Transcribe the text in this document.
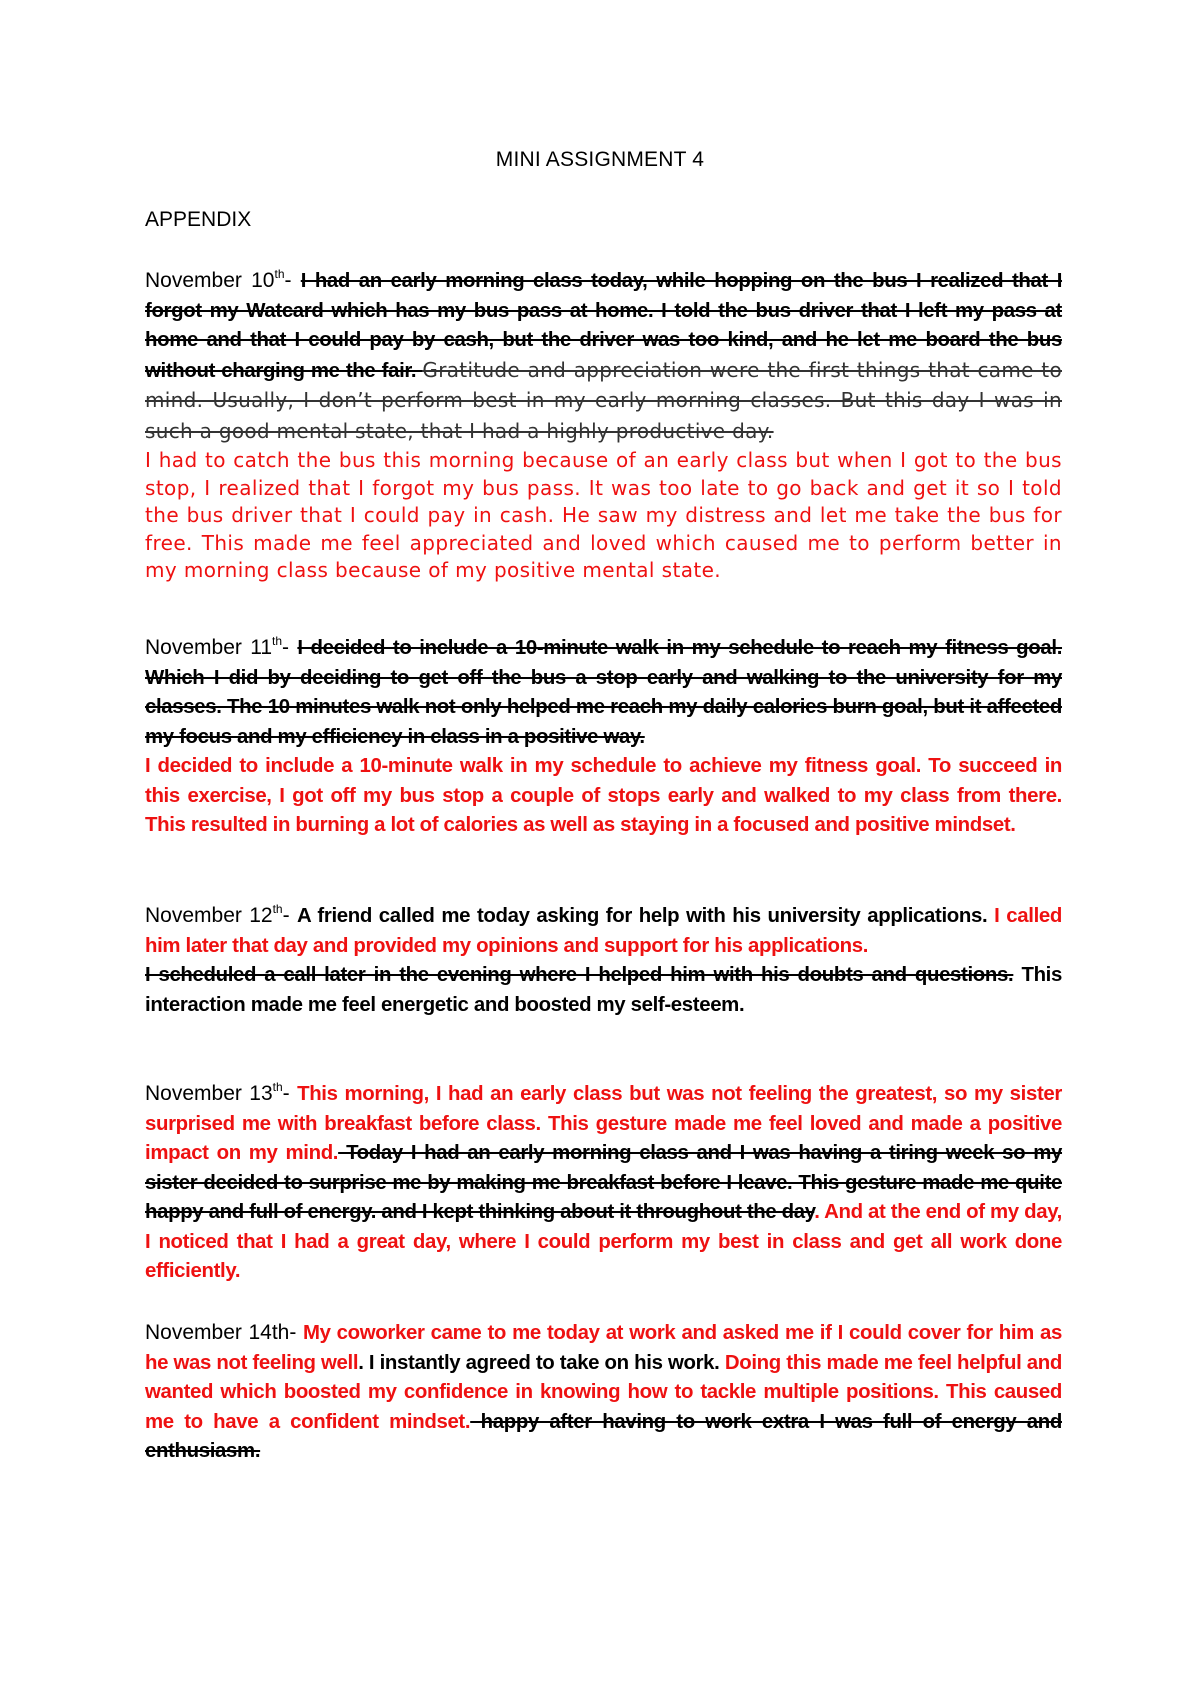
MINI ASSIGNMENT 4
APPENDIX

November 10th- I had an early morning class today, while hopping on the bus I realized that I forgot my Watcard which has my bus pass at home. I told the bus driver that I left my pass at home and that I could pay by cash, but the driver was too kind, and he let me board the bus without charging me the fair. Gratitude and appreciation were the first things that came to mind. Usually, I don’t perform best in my early morning classes. But this day I was in such a good mental state, that I had a highly productive day.

I had to catch the bus this morning because of an early class but when I got to the bus stop, I realized that I forgot my bus pass. It was too late to go back and get it so I told the bus driver that I could pay in cash. He saw my distress and let me take the bus for free. This made me feel appreciated and loved which caused me to perform better in my morning class because of my positive mental state.

November 11th- I decided to include a 10-minute walk in my schedule to reach my fitness goal. Which I did by deciding to get off the bus a stop early and walking to the university for my classes. The 10 minutes walk not only helped me reach my daily calories burn goal, but it affected my focus and my efficiency in class in a positive way.

I decided to include a 10-minute walk in my schedule to achieve my fitness goal. To succeed in this exercise, I got off my bus stop a couple of stops early and walked to my class from there. This resulted in burning a lot of calories as well as staying in a focused and positive mindset.

November 12th- A friend called me today asking for help with his university applications. I called him later that day and provided my opinions and support for his applications.
I scheduled a call later in the evening where I helped him with his doubts and questions. This interaction made me feel energetic and boosted my self-esteem.

November 13th- This morning, I had an early class but was not feeling the greatest, so my sister surprised me with breakfast before class. This gesture made me feel loved and made a positive impact on my mind. Today I had an early morning class and I was having a tiring week so my sister decided to surprise me by making me breakfast before I leave. This gesture made me quite happy and full of energy. and I kept thinking about it throughout the day. And at the end of my day, I noticed that I had a great day, where I could perform my best in class and get all work done efficiently.

November 14th- My coworker came to me today at work and asked me if I could cover for him as he was not feeling well. I instantly agreed to take on his work. Doing this made me feel helpful and wanted which boosted my confidence in knowing how to tackle multiple positions. This caused me to have a confident mindset. happy after having to work extra I was full of energy and enthusiasm.
